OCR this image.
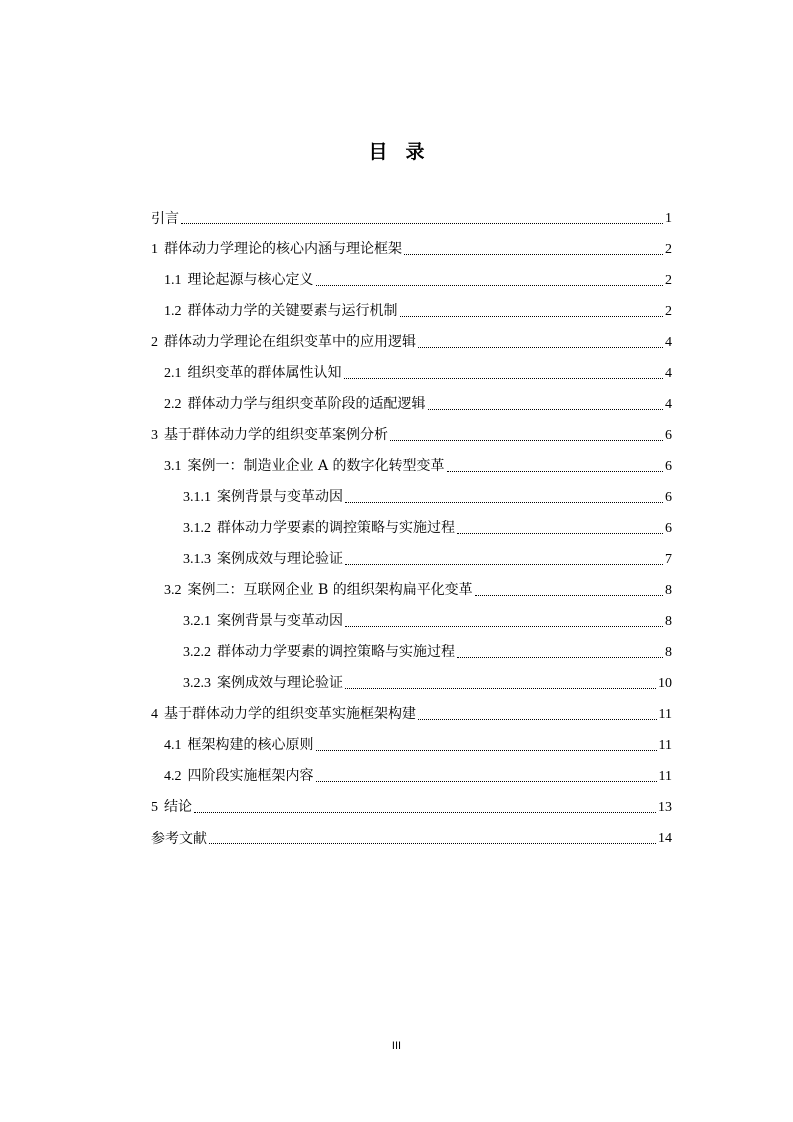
目 录
引言	1
1 群体动力学理论的核心内涵与理论框架	2
1.1 理论起源与核心定义	2
1.2 群体动力学的关键要素与运行机制	2
2 群体动力学理论在组织变革中的应用逻辑	4
2.1 组织变革的群体属性认知	4
2.2 群体动力学与组织变革阶段的适配逻辑	4
3 基于群体动力学的组织变革案例分析	6
3.1 案例一：制造业企业 A 的数字化转型变革	6
3.1.1 案例背景与变革动因	6
3.1.2 群体动力学要素的调控策略与实施过程	6
3.1.3 案例成效与理论验证	7
3.2 案例二：互联网企业 B 的组织架构扁平化变革	8
3.2.1 案例背景与变革动因	8
3.2.2 群体动力学要素的调控策略与实施过程	8
3.2.3 案例成效与理论验证	10
4 基于群体动力学的组织变革实施框架构建	11
4.1 框架构建的核心原则	11
4.2 四阶段实施框架内容	11
5 结论	13
参考文献	14
III
